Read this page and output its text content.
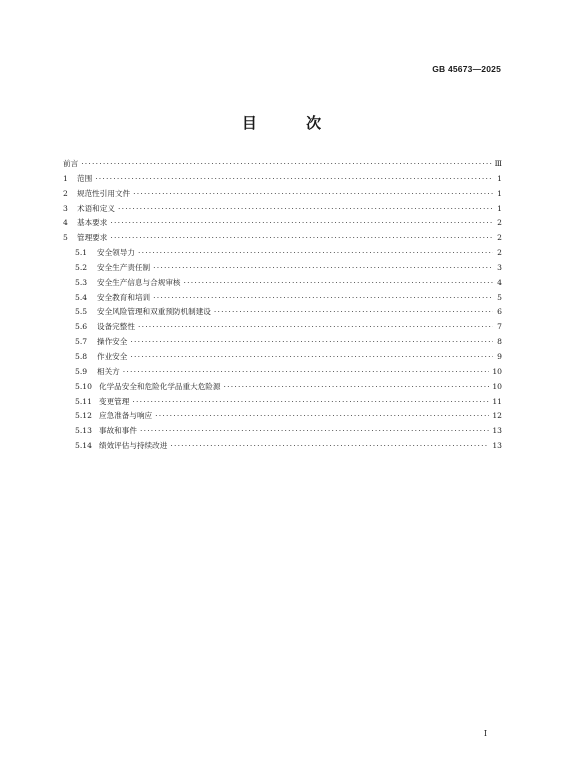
GB 45673—2025
目 次
前言 ·····	Ⅲ
1	范围 ·····	1
2	规范性引用文件 ·····	1
3	术语和定义 ·····	1
4	基本要求 ·····	2
5	管理要求 ·····	2
5.1	安全领导力 ·····	2
5.2	安全生产责任制 ·····	3
5.3	安全生产信息与合规审核 ·····	4
5.4	安全教育和培训 ·····	5
5.5	安全风险管理和双重预防机制建设 ·····	6
5.6	设备完整性 ·····	7
5.7	操作安全 ·····	8
5.8	作业安全 ·····	9
5.9	相关方 ·····	10
5.10 化学品安全和危险化学品重大危险源 ·····	10
5.11 变更管理 ·····	11
5.12 应急准备与响应 ·····	12
5.13 事故和事件 ·····	13
5.14 绩效评估与持续改进 ·····	13
I
